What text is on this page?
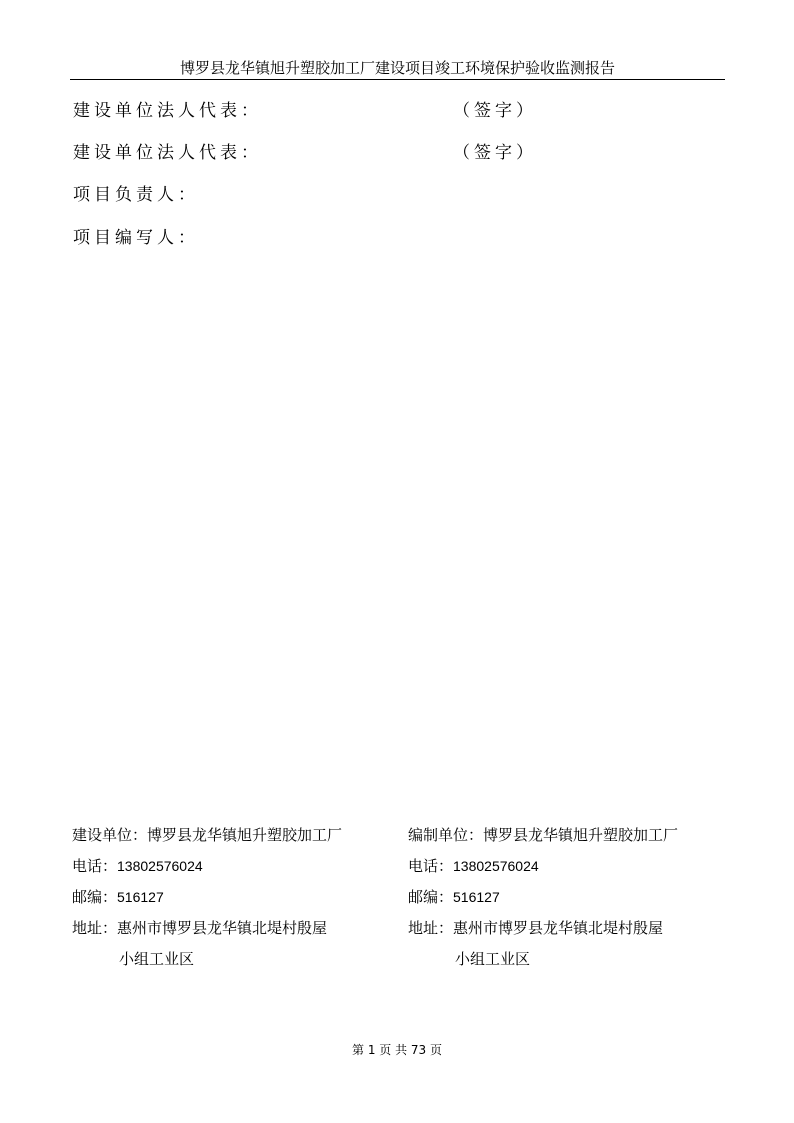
博罗县龙华镇旭升塑胶加工厂建设项目竣工环境保护验收监测报告
建设单位法人代表：	（签字）
建设单位法人代表：	（签字）
项目负责人：
项目编写人：
建设单位：博罗县龙华镇旭升塑胶加工厂
电话：13802576024
邮编：516127
地址：惠州市博罗县龙华镇北堤村殷屋
小组工业区
编制单位：博罗县龙华镇旭升塑胶加工厂
电话：13802576024
邮编：516127
地址：惠州市博罗县龙华镇北堤村殷屋
小组工业区
第 1 页 共 73 页
